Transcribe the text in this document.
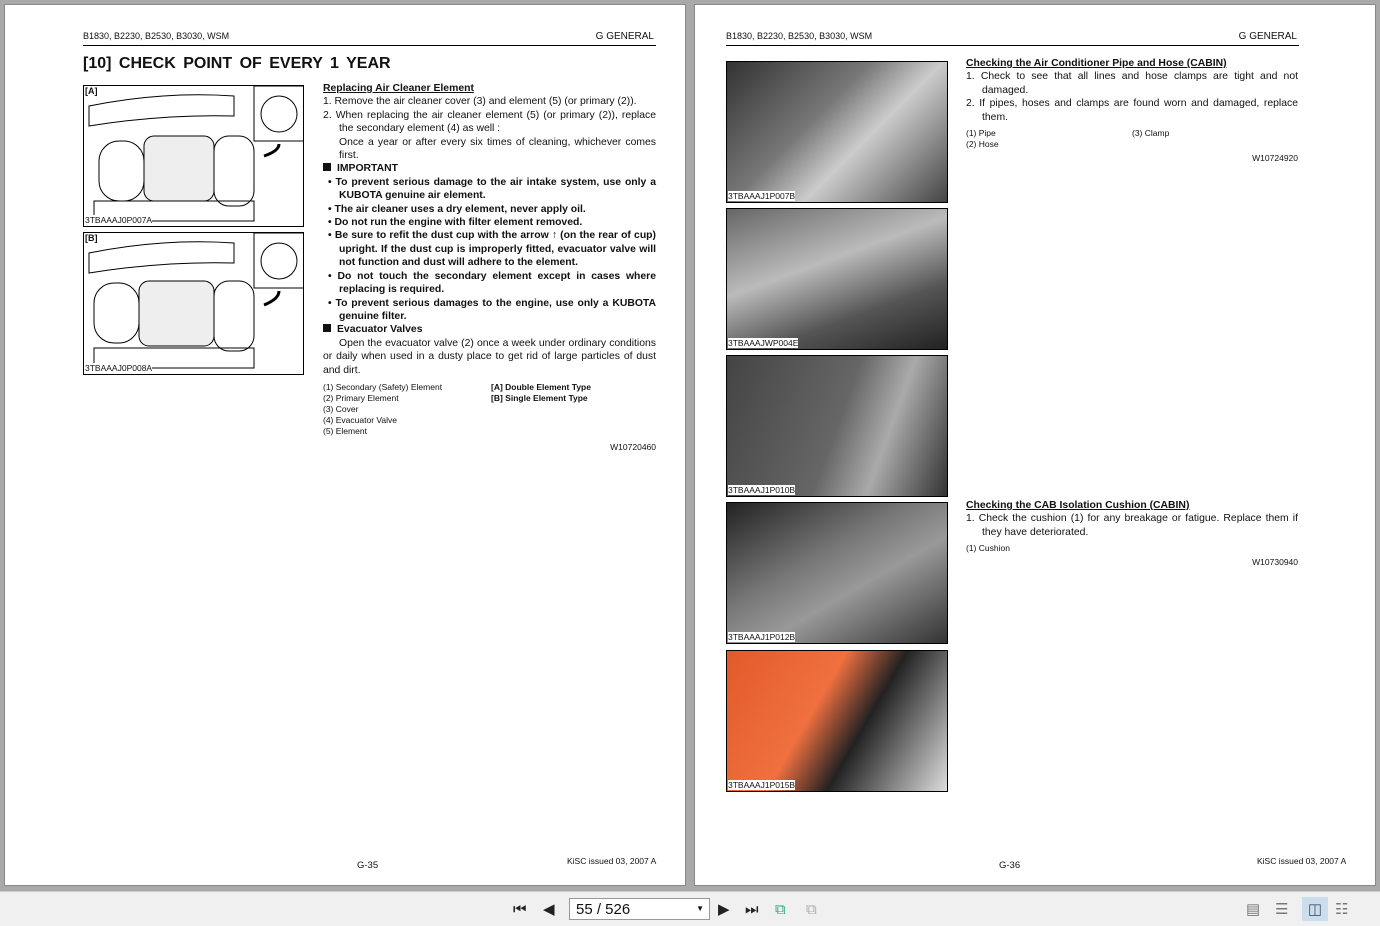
B1830, B2230, B2530, B3030, WSM	G GENERAL
[10] CHECK POINT OF EVERY 1 YEAR
[A]
3TBAAAJ0P007A
[B]
3TBAAAJ0P008A
Replacing Air Cleaner Element
1. Remove the air cleaner cover (3) and element (5) (or primary (2)).
2. When replacing the air cleaner element (5) (or primary (2)), replace the secondary element (4) as well :
Once a year or after every six times of cleaning, whichever comes first.
IMPORTANT
• To prevent serious damage to the air intake system, use only a KUBOTA genuine air element.
• The air cleaner uses a dry element, never apply oil.
• Do not run the engine with filter element removed.
• Be sure to refit the dust cup with the arrow ↑ (on the rear of cup) upright. If the dust cup is improperly fitted, evacuator valve will not function and dust will adhere to the element.
• Do not touch the secondary element except in cases where replacing is required.
• To prevent serious damages to the engine, use only a KUBOTA genuine filter.
Evacuator Valves
Open the evacuator valve (2) once a week under ordinary conditions or daily when used in a dusty place to get rid of large particles of dust and dirt.
(1) Secondary (Safety) Element
(2) Primary Element
(3) Cover
(4) Evacuator Valve
(5) Element
[A] Double Element Type
[B] Single Element Type
W10720460
G-35	KiSC issued 03, 2007 A
B1830, B2230, B2530, B3030, WSM	G GENERAL
3TBAAAJ1P007B
3TBAAAJWP004E
3TBAAAJ1P010B
3TBAAAJ1P012B
3TBAAAJ1P015B
Checking the Air Conditioner Pipe and Hose (CABIN)
1. Check to see that all lines and hose clamps are tight and not damaged.
2. If pipes, hoses and clamps are found worn and damaged, replace them.
(1) Pipe
(2) Hose
(3) Clamp
W10724920
Checking the CAB Isolation Cushion (CABIN)
1. Check the cushion (1) for any breakage or fatigue. Replace them if they have deteriorated.
(1) Cushion
W10730940
G-36	KiSC issued 03, 2007 A
⏮ ◀	55 / 526	▼ ▶ ⏭ ⧉ ⧉	▤ ☰	◫ ☷
